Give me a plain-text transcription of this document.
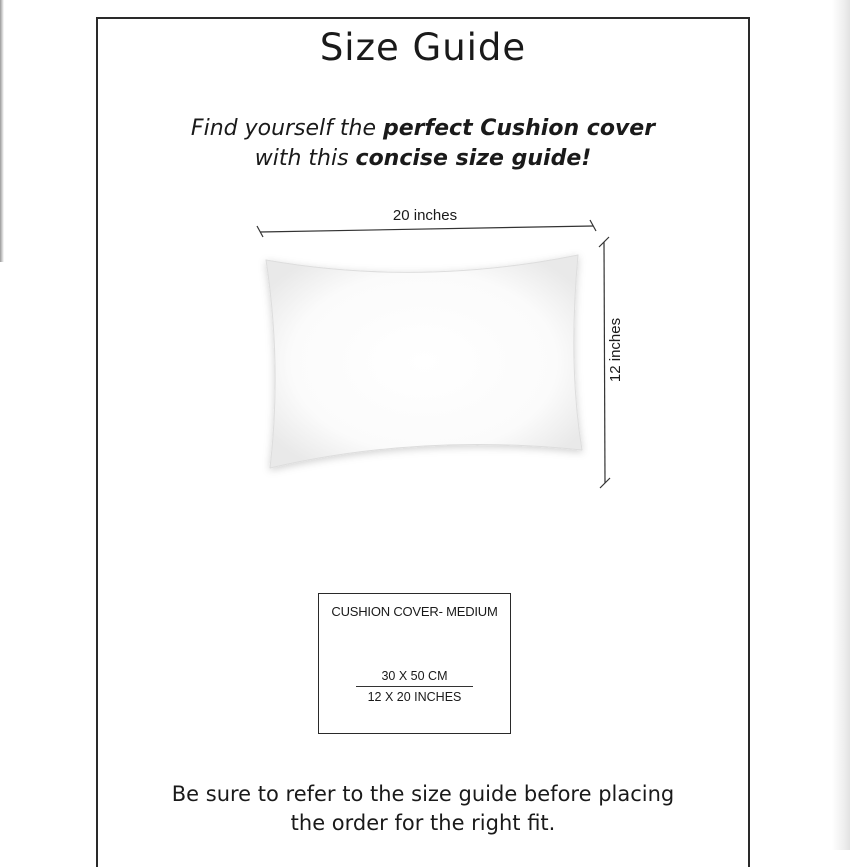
Size Guide
Find yourself the perfect Cushion cover
with this concise size guide!
20 inches
12 inches
CUSHION COVER- MEDIUM
30 X 50 CM
12 X 20 INCHES
Be sure to refer to the size guide before placing
the order for the right fit.
